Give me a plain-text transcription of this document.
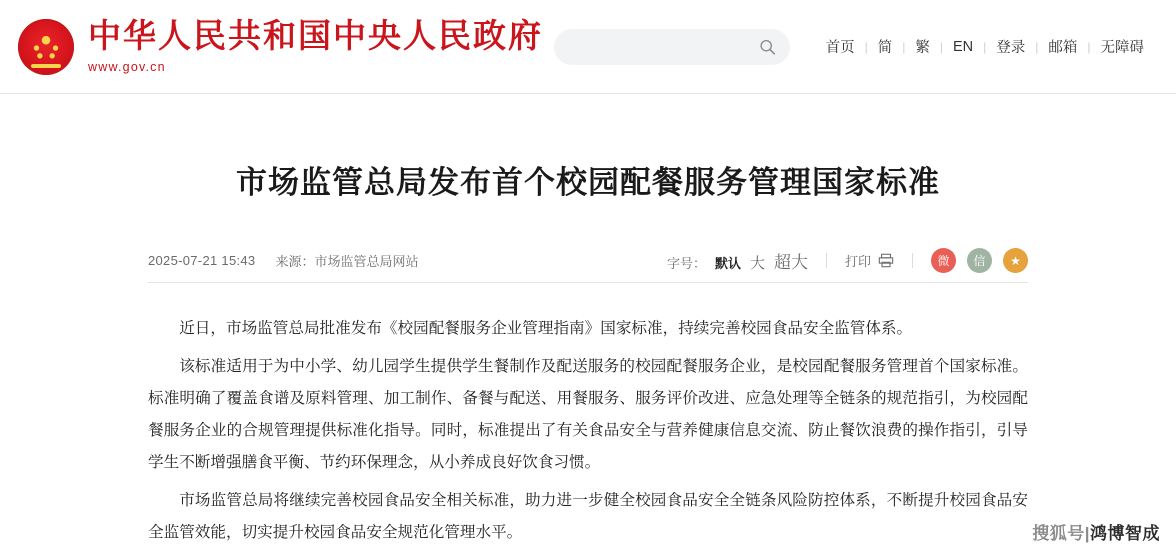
中华人民共和国中央人民政府
www.gov.cn
首页 | 简 | 繁 | EN | 登录 | 邮箱 | 无障碍
市场监管总局发布首个校园配餐服务管理国家标准
2025-07-21 15:43 来源：市场监管总局网站	字号： 默认 大 超大	打印	微	信	★

近日，市场监管总局批准发布《校园配餐服务企业管理指南》国家标准，持续完善校园食品安全监管体系。

该标准适用于为中小学、幼儿园学生提供学生餐制作及配送服务的校园配餐服务企业，是校园配餐服务管理首个国家标准。标准明确了覆盖食谱及原料管理、加工制作、备餐与配送、用餐服务、服务评价改进、应急处理等全链条的规范指引，为校园配餐服务企业的合规管理提供标准化指导。同时，标准提出了有关食品安全与营养健康信息交流、防止餐饮浪费的操作指引，引导学生不断增强膳食平衡、节约环保理念，从小养成良好饮食习惯。

市场监管总局将继续完善校园食品安全相关标准，助力进一步健全校园食品安全全链条风险防控体系，不断提升校园食品安全监管效能，切实提升校园食品安全规范化管理水平。	搜狐号|鸿博智成
